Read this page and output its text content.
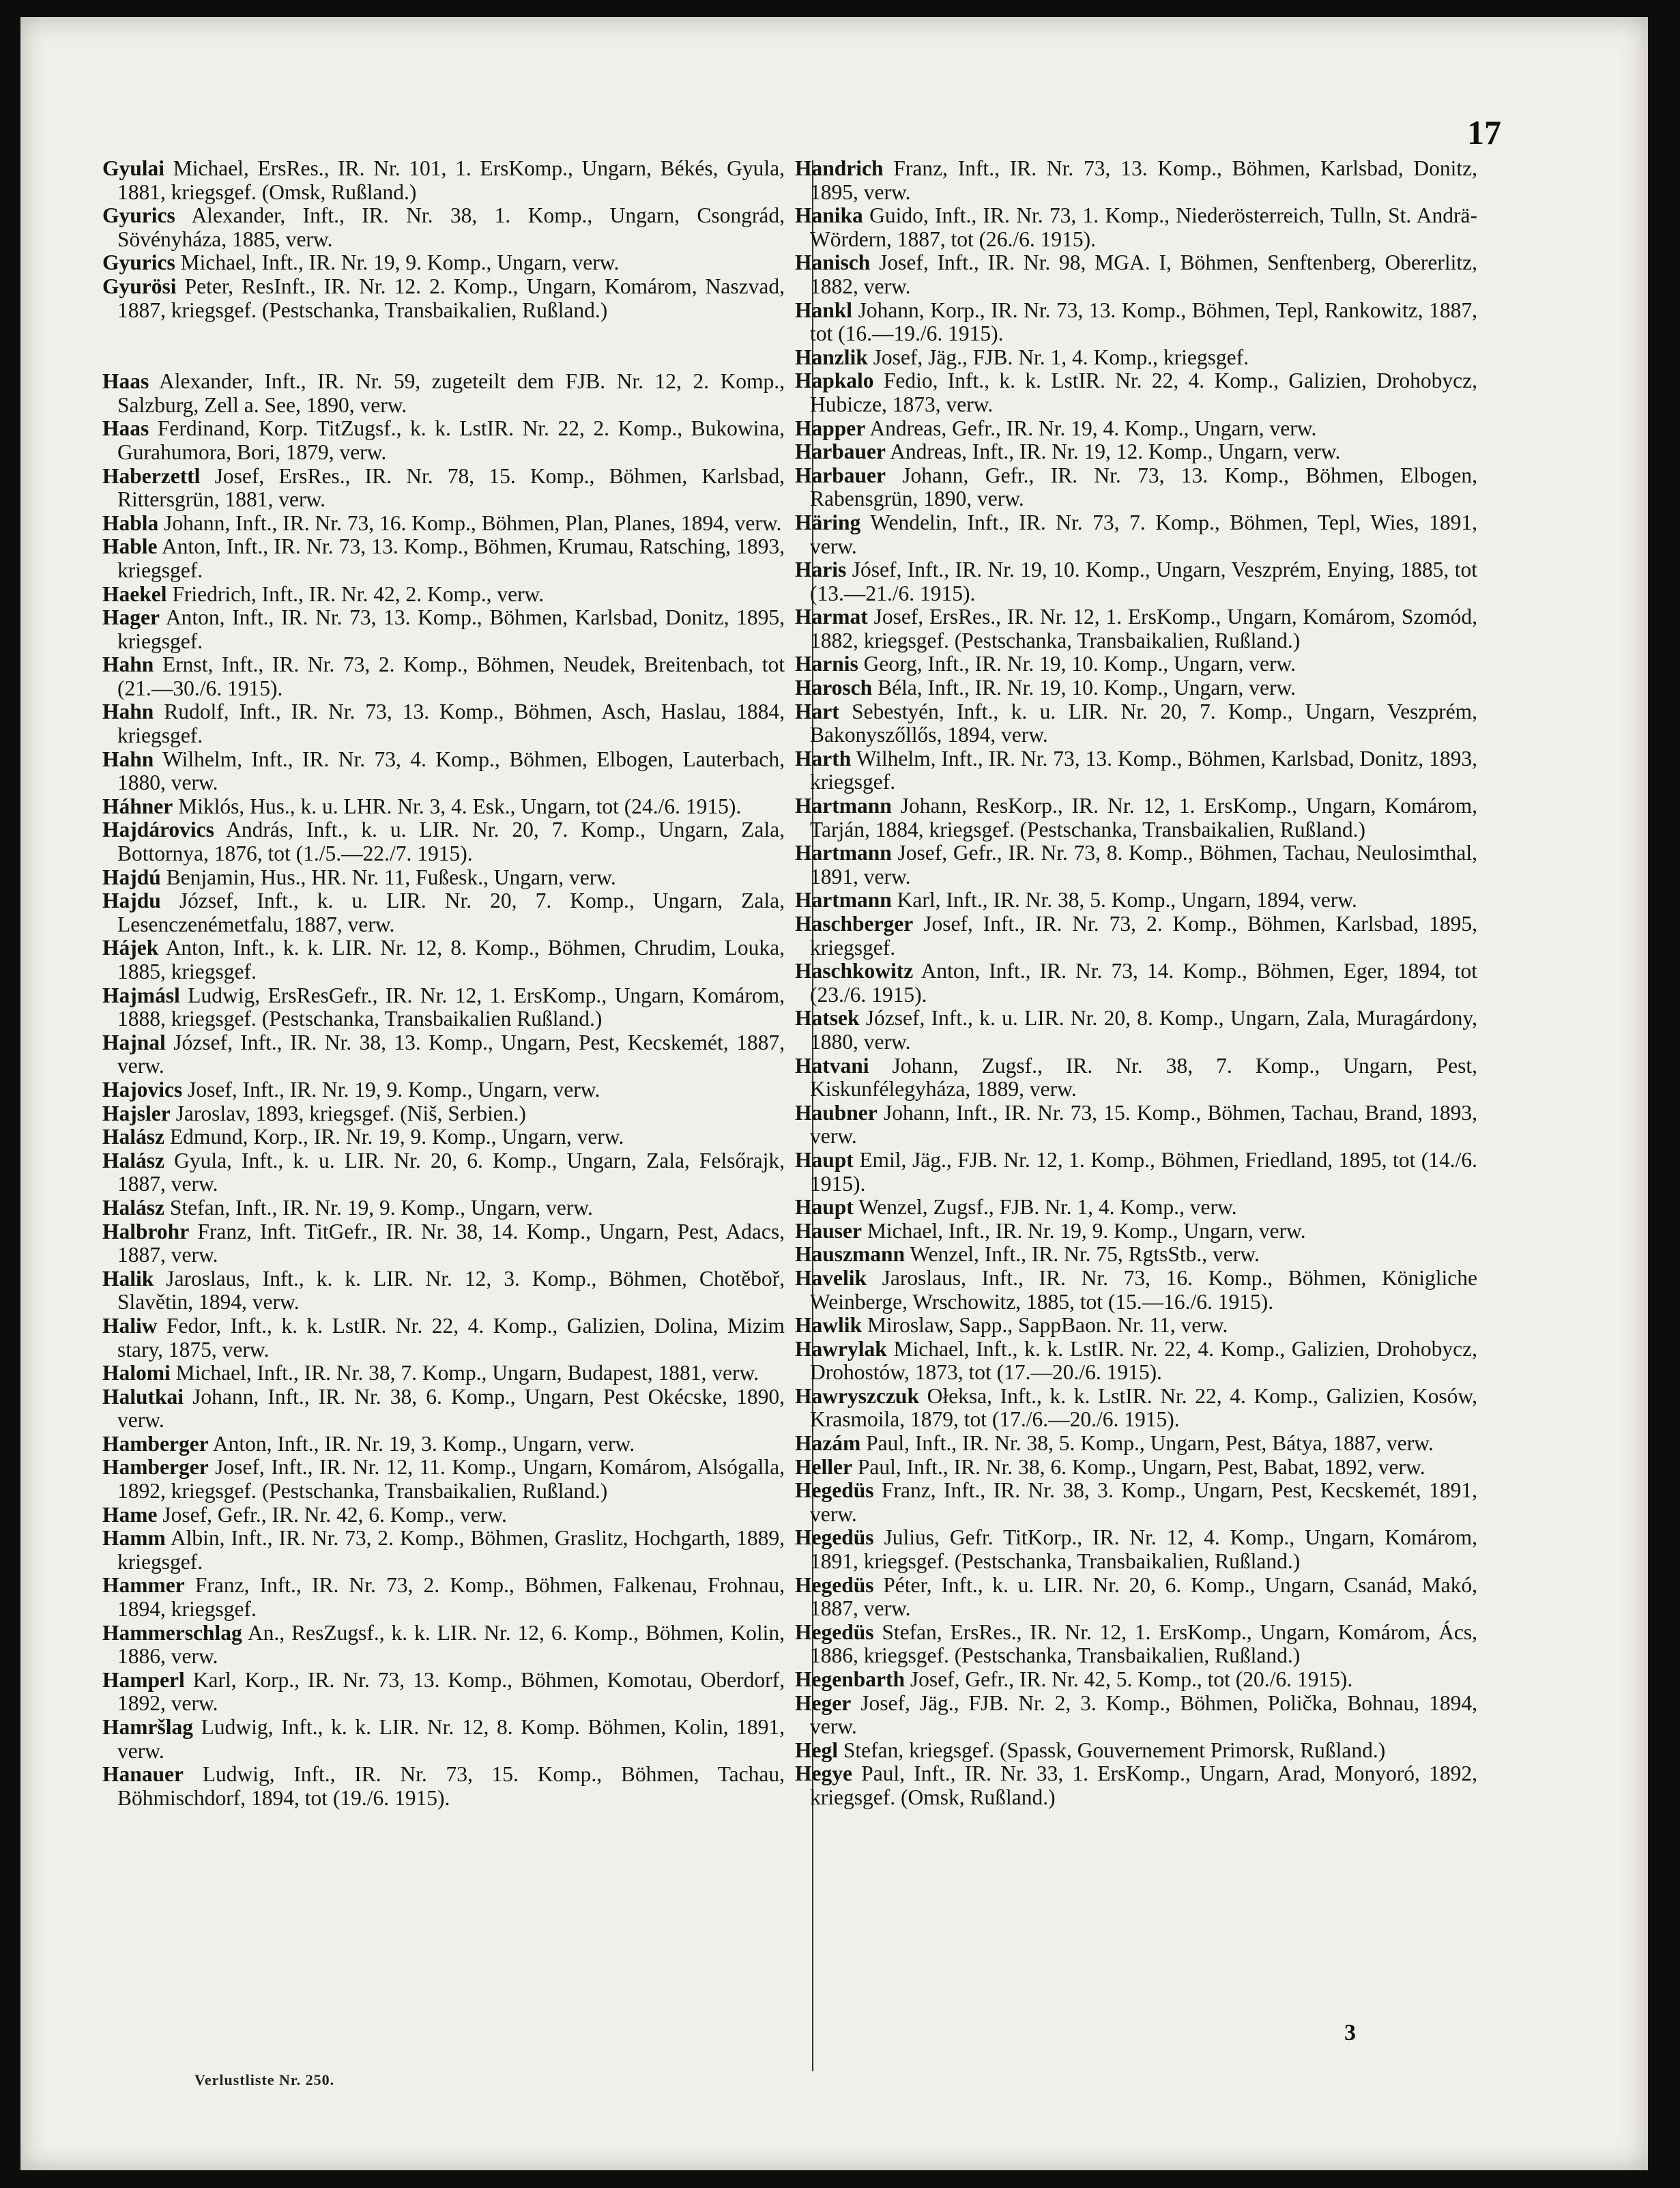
17
Gyulai Michael, ErsRes., IR. Nr. 101, 1. ErsKomp., Ungarn, Békés, Gyula, 1881, kriegsgef. (Omsk, Rußland.)
Gyurics Alexander, Inft., IR. Nr. 38, 1. Komp., Ungarn, Csongrád, Sövényháza, 1885, verw.
Gyurics Michael, Inft., IR. Nr. 19, 9. Komp., Ungarn, verw.
Gyurösi Peter, ResInft., IR. Nr. 12. 2. Komp., Ungarn, Komárom, Naszvad, 1887, kriegsgef. (Pestschanka, Transbaikalien, Rußland.)
Haas Alexander, Inft., IR. Nr. 59, zugeteilt dem FJB. Nr. 12, 2. Komp., Salzburg, Zell a. See, 1890, verw.
Haas Ferdinand, Korp. TitZugsf., k. k. LstIR. Nr. 22, 2. Komp., Bukowina, Gurahumora, Bori, 1879, verw.
Haberzettl Josef, ErsRes., IR. Nr. 78, 15. Komp., Böhmen, Karlsbad, Rittersgrün, 1881, verw.
Habla Johann, Inft., IR. Nr. 73, 16. Komp., Böhmen, Plan, Planes, 1894, verw.
Hable Anton, Inft., IR. Nr. 73, 13. Komp., Böhmen, Krumau, Ratsching, 1893, kriegsgef.
Haekel Friedrich, Inft., IR. Nr. 42, 2. Komp., verw.
Hager Anton, Inft., IR. Nr. 73, 13. Komp., Böhmen, Karlsbad, Donitz, 1895, kriegsgef.
Hahn Ernst, Inft., IR. Nr. 73, 2. Komp., Böhmen, Neudek, Breitenbach, tot (21.—30./6. 1915).
Hahn Rudolf, Inft., IR. Nr. 73, 13. Komp., Böhmen, Asch, Haslau, 1884, kriegsgef.
Hahn Wilhelm, Inft., IR. Nr. 73, 4. Komp., Böhmen, Elbogen, Lauterbach, 1880, verw.
Háhner Miklós, Hus., k. u. LHR. Nr. 3, 4. Esk., Ungarn, tot (24./6. 1915).
Hajdárovics András, Inft., k. u. LIR. Nr. 20, 7. Komp., Ungarn, Zala, Bottornya, 1876, tot (1./5.—22./7. 1915).
Hajdú Benjamin, Hus., HR. Nr. 11, Fußesk., Ungarn, verw.
Hajdu József, Inft., k. u. LIR. Nr. 20, 7. Komp., Ungarn, Zala, Lesenczenémetfalu, 1887, verw.
Hájek Anton, Inft., k. k. LIR. Nr. 12, 8. Komp., Böhmen, Chrudim, Louka, 1885, kriegsgef.
Hajmásl Ludwig, ErsResGefr., IR. Nr. 12, 1. ErsKomp., Ungarn, Komárom, 1888, kriegsgef. (Pestschanka, Transbaikalien Rußland.)
Hajnal József, Inft., IR. Nr. 38, 13. Komp., Ungarn, Pest, Kecskemét, 1887, verw.
Hajovics Josef, Inft., IR. Nr. 19, 9. Komp., Ungarn, verw.
Hajsler Jaroslav, 1893, kriegsgef. (Niš, Serbien.)
Halász Edmund, Korp., IR. Nr. 19, 9. Komp., Ungarn, verw.
Halász Gyula, Inft., k. u. LIR. Nr. 20, 6. Komp., Ungarn, Zala, Felsőrajk, 1887, verw.
Halász Stefan, Inft., IR. Nr. 19, 9. Komp., Ungarn, verw.
Halbrohr Franz, Inft. TitGefr., IR. Nr. 38, 14. Komp., Ungarn, Pest, Adacs, 1887, verw.
Halik Jaroslaus, Inft., k. k. LIR. Nr. 12, 3. Komp., Böhmen, Chotěboř, Slavětin, 1894, verw.
Haliw Fedor, Inft., k. k. LstIR. Nr. 22, 4. Komp., Galizien, Dolina, Mizim stary, 1875, verw.
Halomi Michael, Inft., IR. Nr. 38, 7. Komp., Ungarn, Budapest, 1881, verw.
Halutkai Johann, Inft., IR. Nr. 38, 6. Komp., Ungarn, Pest Okécske, 1890, verw.
Hamberger Anton, Inft., IR. Nr. 19, 3. Komp., Ungarn, verw.
Hamberger Josef, Inft., IR. Nr. 12, 11. Komp., Ungarn, Komárom, Alsógalla, 1892, kriegsgef. (Pestschanka, Transbaikalien, Rußland.)
Hame Josef, Gefr., IR. Nr. 42, 6. Komp., verw.
Hamm Albin, Inft., IR. Nr. 73, 2. Komp., Böhmen, Graslitz, Hochgarth, 1889, kriegsgef.
Hammer Franz, Inft., IR. Nr. 73, 2. Komp., Böhmen, Falkenau, Frohnau, 1894, kriegsgef.
Hammerschlag An., ResZugsf., k. k. LIR. Nr. 12, 6. Komp., Böhmen, Kolin, 1886, verw.
Hamperl Karl, Korp., IR. Nr. 73, 13. Komp., Böhmen, Komotau, Oberdorf, 1892, verw.
Hamršlag Ludwig, Inft., k. k. LIR. Nr. 12, 8. Komp. Böhmen, Kolin, 1891, verw.
Hanauer Ludwig, Inft., IR. Nr. 73, 15. Komp., Böhmen, Tachau, Böhmischdorf, 1894, tot (19./6. 1915).
Handrich Franz, Inft., IR. Nr. 73, 13. Komp., Böhmen, Karlsbad, Donitz, 1895, verw.
Hanika Guido, Inft., IR. Nr. 73, 1. Komp., Niederösterreich, Tulln, St. Andrä-Wördern, 1887, tot (26./6. 1915).
Hanisch Josef, Inft., IR. Nr. 98, MGA. I, Böhmen, Senftenberg, Obererlitz, 1882, verw.
Hankl Johann, Korp., IR. Nr. 73, 13. Komp., Böhmen, Tepl, Rankowitz, 1887, tot (16.—19./6. 1915).
Hanzlik Josef, Jäg., FJB. Nr. 1, 4. Komp., kriegsgef.
Hapkalo Fedio, Inft., k. k. LstIR. Nr. 22, 4. Komp., Galizien, Drohobycz, Hubicze, 1873, verw.
Happer Andreas, Gefr., IR. Nr. 19, 4. Komp., Ungarn, verw.
Harbauer Andreas, Inft., IR. Nr. 19, 12. Komp., Ungarn, verw.
Harbauer Johann, Gefr., IR. Nr. 73, 13. Komp., Böhmen, Elbogen, Rabensgrün, 1890, verw.
Häring Wendelin, Inft., IR. Nr. 73, 7. Komp., Böhmen, Tepl, Wies, 1891, verw.
Haris Jósef, Inft., IR. Nr. 19, 10. Komp., Ungarn, Veszprém, Enying, 1885, tot (13.—21./6. 1915).
Harmat Josef, ErsRes., IR. Nr. 12, 1. ErsKomp., Ungarn, Komárom, Szomód, 1882, kriegsgef. (Pestschanka, Transbaikalien, Rußland.)
Harnis Georg, Inft., IR. Nr. 19, 10. Komp., Ungarn, verw.
Harosch Béla, Inft., IR. Nr. 19, 10. Komp., Ungarn, verw.
Hart Sebestyén, Inft., k. u. LIR. Nr. 20, 7. Komp., Ungarn, Veszprém, Bakonyszőllős, 1894, verw.
Harth Wilhelm, Inft., IR. Nr. 73, 13. Komp., Böhmen, Karlsbad, Donitz, 1893, kriegsgef.
Hartmann Johann, ResKorp., IR. Nr. 12, 1. ErsKomp., Ungarn, Komárom, Tarján, 1884, kriegsgef. (Pestschanka, Transbaikalien, Rußland.)
Hartmann Josef, Gefr., IR. Nr. 73, 8. Komp., Böhmen, Tachau, Neulosimthal, 1891, verw.
Hartmann Karl, Inft., IR. Nr. 38, 5. Komp., Ungarn, 1894, verw.
Haschberger Josef, Inft., IR. Nr. 73, 2. Komp., Böhmen, Karlsbad, 1895, kriegsgef.
Haschkowitz Anton, Inft., IR. Nr. 73, 14. Komp., Böhmen, Eger, 1894, tot (23./6. 1915).
Hatsek József, Inft., k. u. LIR. Nr. 20, 8. Komp., Ungarn, Zala, Muragárdony, 1880, verw.
Hatvani Johann, Zugsf., IR. Nr. 38, 7. Komp., Ungarn, Pest, Kiskunfélegyháza, 1889, verw.
Haubner Johann, Inft., IR. Nr. 73, 15. Komp., Böhmen, Tachau, Brand, 1893, verw.
Haupt Emil, Jäg., FJB. Nr. 12, 1. Komp., Böhmen, Friedland, 1895, tot (14./6. 1915).
Haupt Wenzel, Zugsf., FJB. Nr. 1, 4. Komp., verw.
Hauser Michael, Inft., IR. Nr. 19, 9. Komp., Ungarn, verw.
Hauszmann Wenzel, Inft., IR. Nr. 75, RgtsStb., verw.
Havelik Jaroslaus, Inft., IR. Nr. 73, 16. Komp., Böhmen, Königliche Weinberge, Wrschowitz, 1885, tot (15.—16./6. 1915).
Hawlik Miroslaw, Sapp., SappBaon. Nr. 11, verw.
Hawrylak Michael, Inft., k. k. LstIR. Nr. 22, 4. Komp., Galizien, Drohobycz, Drohostów, 1873, tot (17.—20./6. 1915).
Hawryszczuk Ołeksa, Inft., k. k. LstIR. Nr. 22, 4. Komp., Galizien, Kosów, Krasmoila, 1879, tot (17./6.—20./6. 1915).
Hazám Paul, Inft., IR. Nr. 38, 5. Komp., Ungarn, Pest, Bátya, 1887, verw.
Heller Paul, Inft., IR. Nr. 38, 6. Komp., Ungarn, Pest, Babat, 1892, verw.
Hegedüs Franz, Inft., IR. Nr. 38, 3. Komp., Ungarn, Pest, Kecskemét, 1891, verw.
Hegedüs Julius, Gefr. TitKorp., IR. Nr. 12, 4. Komp., Ungarn, Komárom, 1891, kriegsgef. (Pestschanka, Transbaikalien, Rußland.)
Hegedüs Péter, Inft., k. u. LIR. Nr. 20, 6. Komp., Ungarn, Csanád, Makó, 1887, verw.
Hegedüs Stefan, ErsRes., IR. Nr. 12, 1. ErsKomp., Ungarn, Komárom, Ács, 1886, kriegsgef. (Pestschanka, Transbaikalien, Rußland.)
Hegenbarth Josef, Gefr., IR. Nr. 42, 5. Komp., tot (20./6. 1915).
Heger Josef, Jäg., FJB. Nr. 2, 3. Komp., Böhmen, Polička, Bohnau, 1894, verw.
Hegl Stefan, kriegsgef. (Spassk, Gouvernement Primorsk, Rußland.)
Hegye Paul, Inft., IR. Nr. 33, 1. ErsKomp., Ungarn, Arad, Monyoró, 1892, kriegsgef. (Omsk, Rußland.)
Verlustliste Nr. 250.
3
